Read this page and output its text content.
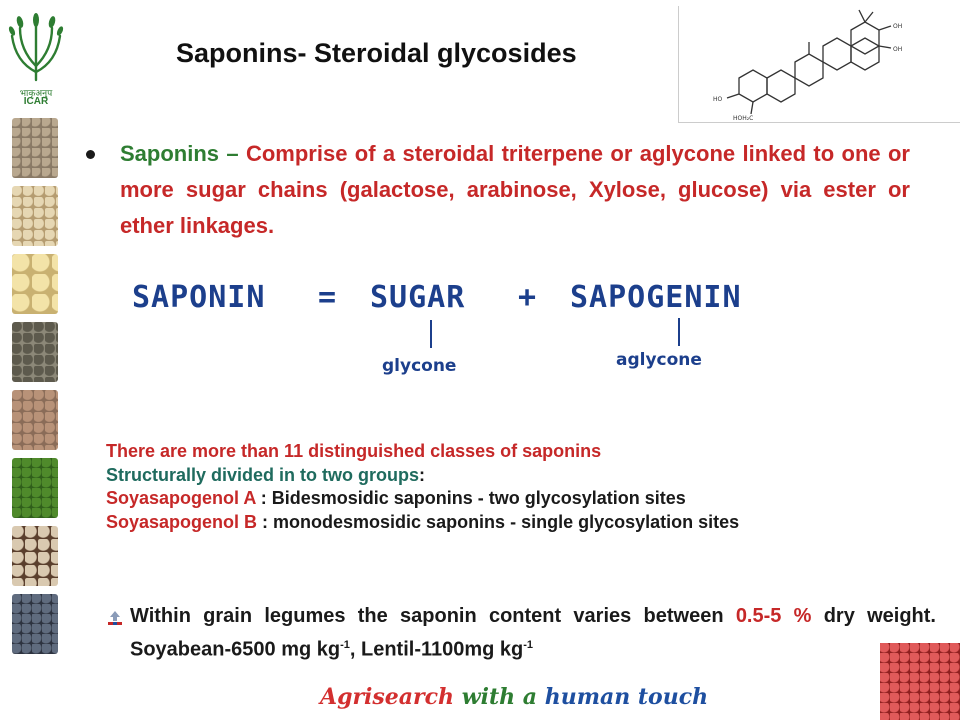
भाकृअनुप
ICAR
Saponins- Steroidal glycosides
OH
OH
HO
HOH₂C
Saponins – Comprise of a steroidal triterpene or aglycone linked to one or more sugar chains (galactose, arabinose, Xylose, glucose) via ester or ether linkages.
SAPONIN = SUGAR + SAPOGENIN
glycone	aglycone
There are more than 11 distinguished classes of saponins
Structurally divided in to two groups:
Soyasapogenol A : Bidesmosidic saponins - two glycosylation sites
Soyasapogenol B : monodesmosidic saponins - single glycosylation sites
Within grain legumes the saponin content varies between 0.5-5 % dry weight. Soyabean-6500 mg $kg^{-1}$, Lentil-1100mg $kg^{-1}$
Agrisearch with a human touch
